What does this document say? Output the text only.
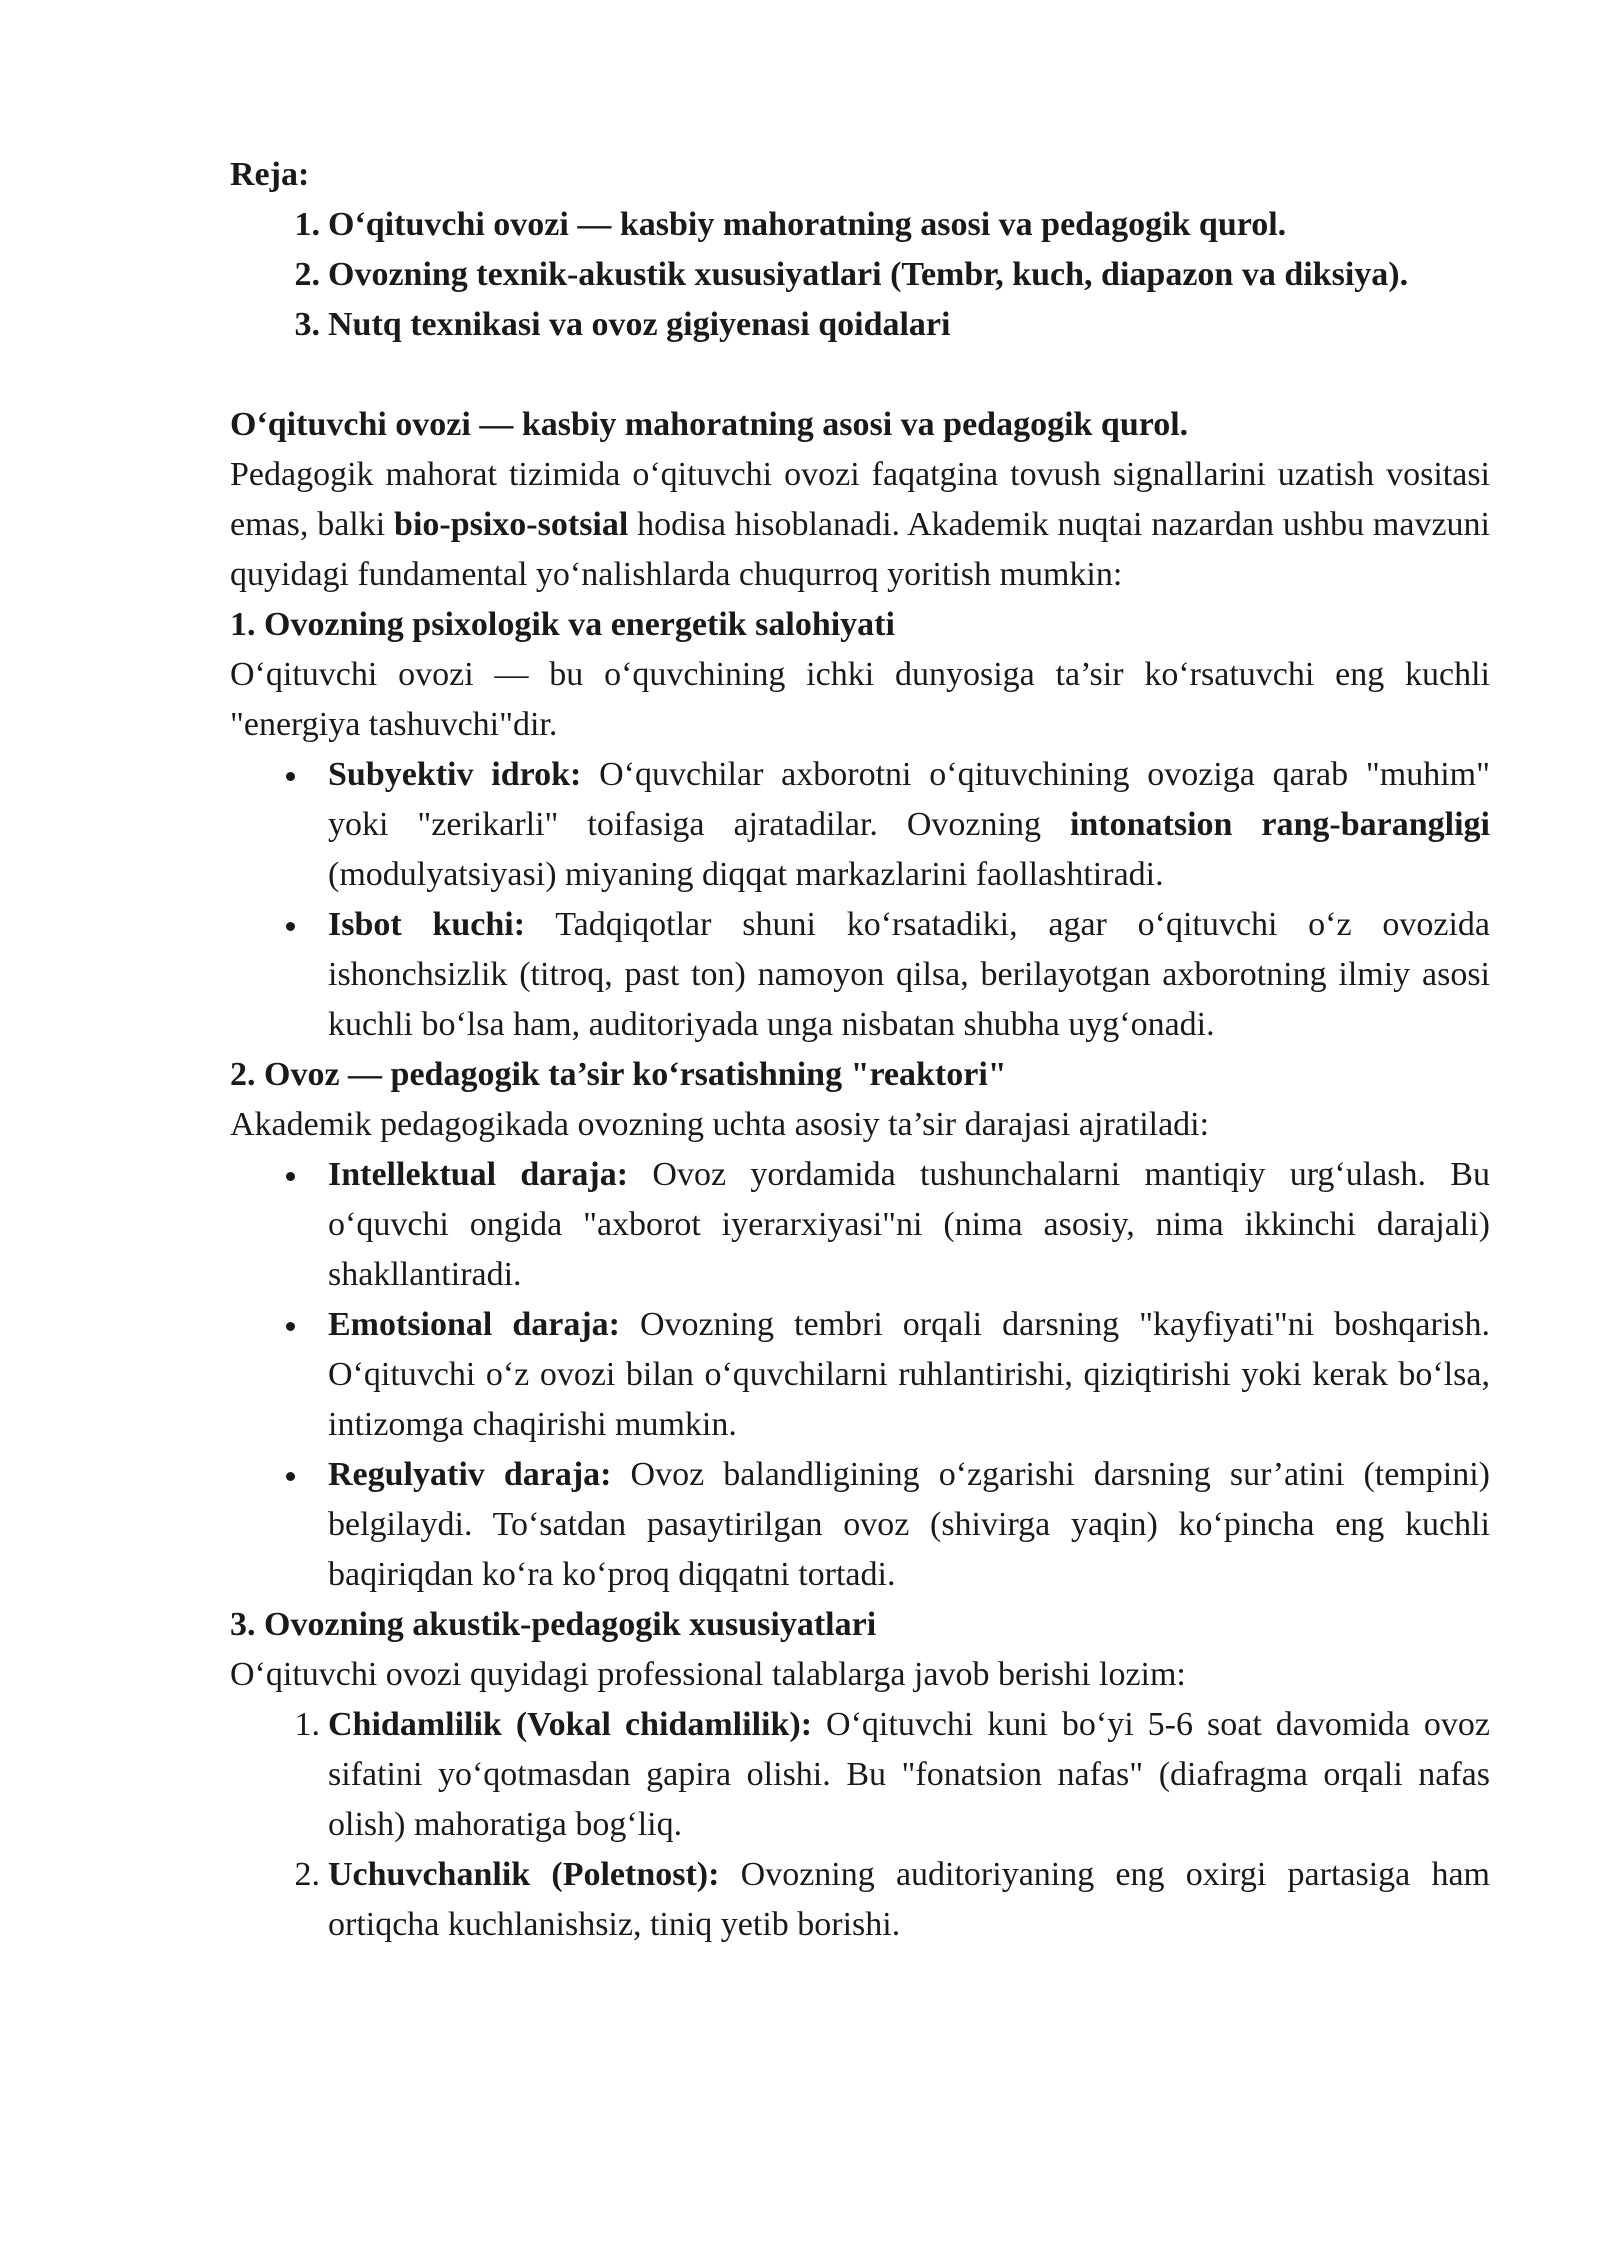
Reja:

1. O‘qituvchi ovozi — kasbiy mahoratning asosi va pedagogik qurol.
2. Ovozning texnik-akustik xususiyatlari (Tembr, kuch, diapazon va diksiya).
3. Nutq texnikasi va ovoz gigiyenasi qoidalari

O‘qituvchi ovozi — kasbiy mahoratning asosi va pedagogik qurol.

Pedagogik mahorat tizimida o‘qituvchi ovozi faqatgina tovush signallarini uzatish vositasi emas, balki bio-psixo-sotsial hodisa hisoblanadi. Akademik nuqtai nazardan ushbu mavzuni quyidagi fundamental yo‘nalishlarda chuqurroq yoritish mumkin:

1. Ovozning psixologik va energetik salohiyati

O‘qituvchi ovozi — bu o‘quvchining ichki dunyosiga ta’sir ko‘rsatuvchi eng kuchli "energiya tashuvchi"dir.

Subyektiv idrok: O‘quvchilar axborotni o‘qituvchining ovoziga qarab "muhim" yoki "zerikarli" toifasiga ajratadilar. Ovozning intonatsion rang-barangligi (modulyatsiyasi) miyaning diqqat markazlarini faollashtiradi.
Isbot kuchi: Tadqiqotlar shuni ko‘rsatadiki, agar o‘qituvchi o‘z ovozida ishonchsizlik (titroq, past ton) namoyon qilsa, berilayotgan axborotning ilmiy asosi kuchli bo‘lsa ham, auditoriyada unga nisbatan shubha uyg‘onadi.

2. Ovoz — pedagogik ta’sir ko‘rsatishning "reaktori"

Akademik pedagogikada ovozning uchta asosiy ta’sir darajasi ajratiladi:

Intellektual daraja: Ovoz yordamida tushunchalarni mantiqiy urg‘ulash. Bu o‘quvchi ongida "axborot iyerarxiyasi"ni (nima asosiy, nima ikkinchi darajali) shakllantiradi.
Emotsional daraja: Ovozning tembri orqali darsning "kayfiyati"ni boshqarish. O‘qituvchi o‘z ovozi bilan o‘quvchilarni ruhlantirishi, qiziqtirishi yoki kerak bo‘lsa, intizomga chaqirishi mumkin.
Regulyativ daraja: Ovoz balandligining o‘zgarishi darsning sur’atini (tempini) belgilaydi. To‘satdan pasaytirilgan ovoz (shivirga yaqin) ko‘pincha eng kuchli baqiriqdan ko‘ra ko‘proq diqqatni tortadi.

3. Ovozning akustik-pedagogik xususiyatlari

O‘qituvchi ovozi quyidagi professional talablarga javob berishi lozim:

1. Chidamlilik (Vokal chidamlilik): O‘qituvchi kuni bo‘yi 5-6 soat davomida ovoz sifatini yo‘qotmasdan gapira olishi. Bu "fonatsion nafas" (diafragma orqali nafas olish) mahoratiga bog‘liq.
2. Uchuvchanlik (Poletnost): Ovozning auditoriyaning eng oxirgi partasiga ham ortiqcha kuchlanishsiz, tiniq yetib borishi.
